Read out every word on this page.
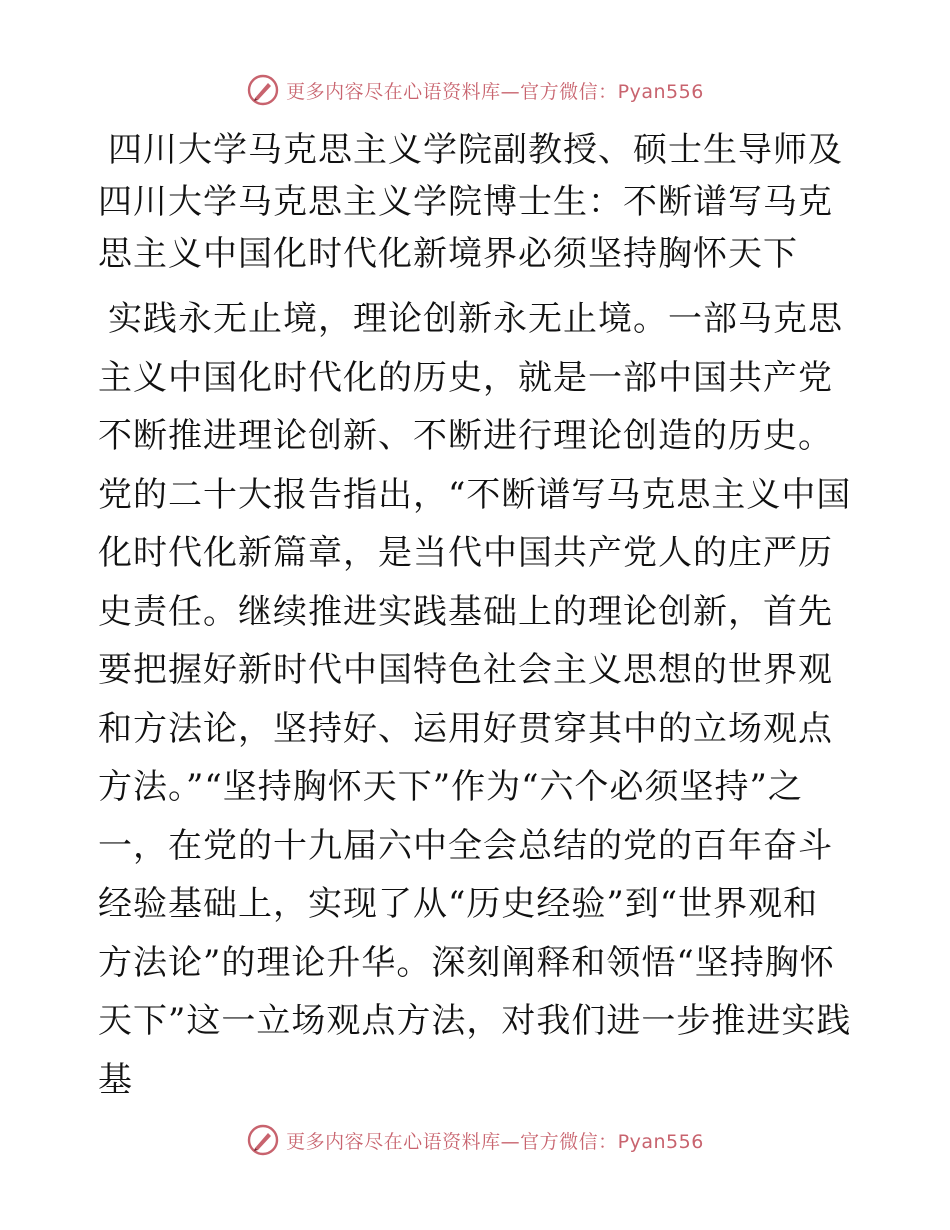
更多内容尽在心语资料库—官方微信：Pyan556
四川大学马克思主义学院副教授、硕士生导师及四川大学马克思主义学院博士生：不断谱写马克思主义中国化时代化新境界必须坚持胸怀天下

实践永无止境，理论创新永无止境。一部马克思主义中国化时代化的历史，就是一部中国共产党不断推进理论创新、不断进行理论创造的历史。党的二十大报告指出，“不断谱写马克思主义中国化时代化新篇章，是当代中国共产党人的庄严历史责任。继续推进实践基础上的理论创新，首先要把握好新时代中国特色社会主义思想的世界观和方法论，坚持好、运用好贯穿其中的立场观点方法。”“坚持胸怀天下”作为“六个必须坚持”之一，在党的十九届六中全会总结的党的百年奋斗经验基础上，实现了从“历史经验”到“世界观和方法论”的理论升华。深刻阐释和领悟“坚持胸怀天下”这一立场观点方法，对我们进一步推进实践基

更多内容尽在心语资料库—官方微信：Pyan556
